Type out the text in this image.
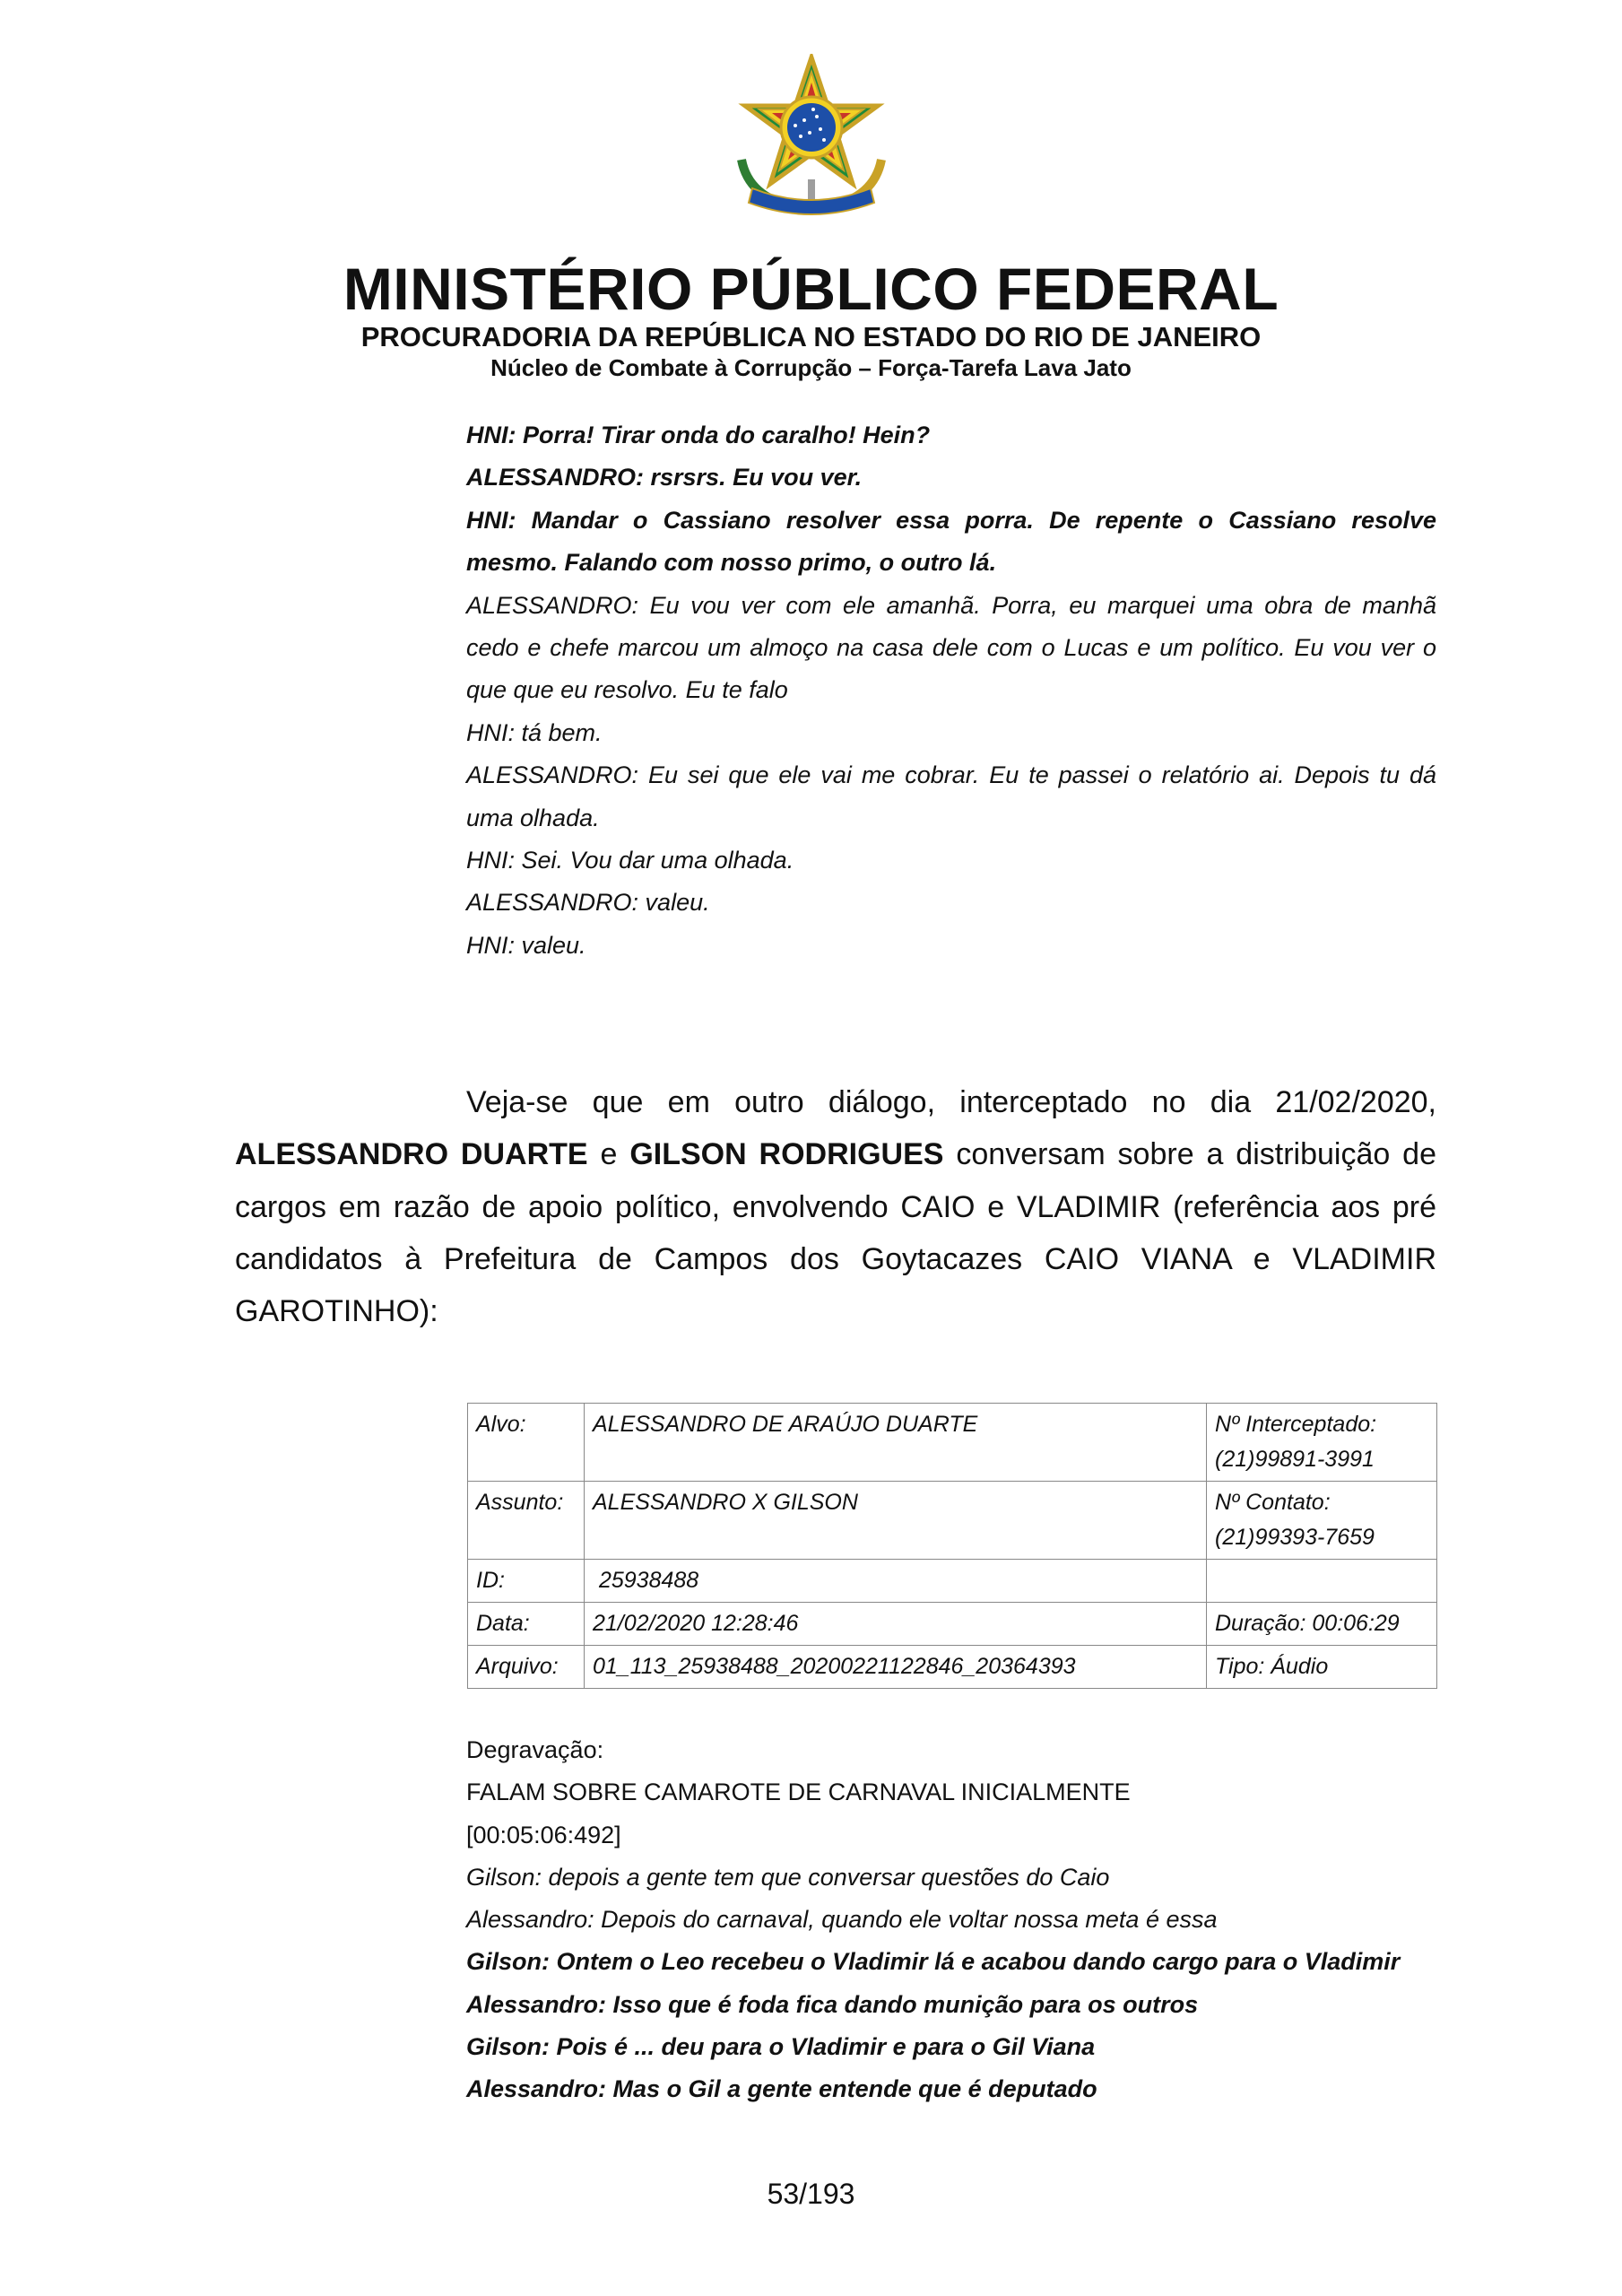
MINISTÉRIO PÚBLICO FEDERAL
PROCURADORIA DA REPÚBLICA NO ESTADO DO RIO DE JANEIRO
Núcleo de Combate à Corrupção – Força-Tarefa Lava Jato

HNI: Porra! Tirar onda do caralho! Hein?

ALESSANDRO: rsrsrs. Eu vou ver.

HNI: Mandar o Cassiano resolver essa porra. De repente o Cassiano resolve mesmo. Falando com nosso primo, o outro lá.

ALESSANDRO: Eu vou ver com ele amanhã. Porra, eu marquei uma obra de manhã cedo e chefe marcou um almoço na casa dele com o Lucas e um político. Eu vou ver o que que eu resolvo. Eu te falo

HNI: tá bem.

ALESSANDRO: Eu sei que ele vai me cobrar. Eu te passei o relatório ai. Depois tu dá uma olhada.

HNI: Sei. Vou dar uma olhada.

ALESSANDRO: valeu.

HNI: valeu.

Veja-se que em outro diálogo, interceptado no dia 21/02/2020, ALESSANDRO DUARTE e GILSON RODRIGUES conversam sobre a distribuição de cargos em razão de apoio político, envolvendo CAIO e VLADIMIR (referência aos pré candidatos à Prefeitura de Campos dos Goytacazes CAIO VIANA e VLADIMIR GAROTINHO):

Alvo:	ALESSANDRO DE ARAÚJO DUARTE	Nº Interceptado:
(21)99891-3991
Assunto:	ALESSANDRO X GILSON	Nº Contato:
(21)99393-7659
ID:	25938488	
Data:	21/02/2020 12:28:46	Duração: 00:06:29
Arquivo:	01_113_25938488_20200221122846_20364393	Tipo: Áudio

Degravação:

FALAM SOBRE CAMAROTE DE CARNAVAL INICIALMENTE

[00:05:06:492]

Gilson: depois a gente tem que conversar questões do Caio

Alessandro: Depois do carnaval, quando ele voltar nossa meta é essa

Gilson: Ontem o Leo recebeu o Vladimir lá e acabou dando cargo para o Vladimir

Alessandro: Isso que é foda fica dando munição para os outros

Gilson: Pois é ... deu para o Vladimir e para o Gil Viana

Alessandro: Mas o Gil a gente entende que é deputado

53/193
